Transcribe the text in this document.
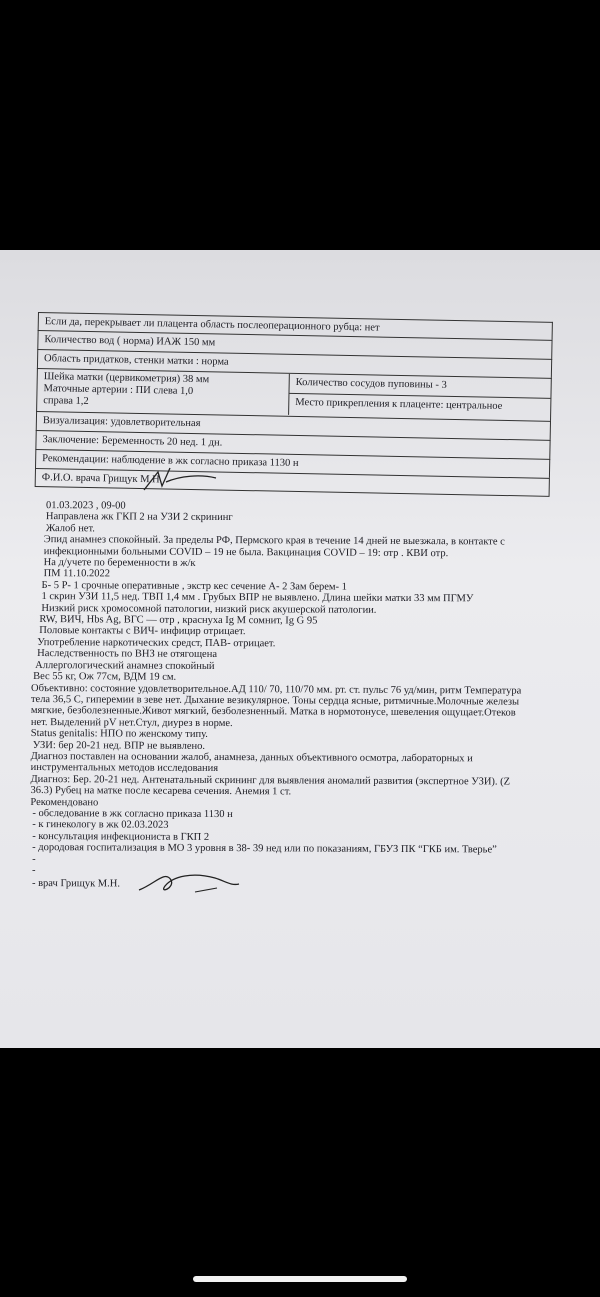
Если да, перекрывает ли плацента область послеоперационного рубца: нет
Количество вод ( норма) ИАЖ 150 мм
Область придатков, стенки матки : норма
Шейка матки (цервикометрия) 38 мм
Маточные артерии : ПИ слева 1,0
справа 1,2
Количество сосудов пуповины - 3
Место прикрепления к плаценте: центральное
Визуализация: удовлетворительная
Заключение: Беременность 20 нед. 1 дн.
Рекомендации: наблюдение в жк согласно приказа 1130 н
Ф.И.О. врача Грищук М.Н.
01.03.2023 , 09-00
Направлена жк ГКП 2 на УЗИ 2 скрининг
Жалоб нет.
Эпид анамнез спокойный. За пределы РФ, Пермского края в течение 14 дней не выезжала, в контакте с
инфекционными больными COVID – 19 не была. Вакцинация COVID – 19: отр . КВИ отр.
На д/учете по беременности в ж/к
ПМ 11.10.2022
Б- 5 Р- 1 срочные оперативные , экстр кес сечение А- 2 Зам берем- 1
1 скрин УЗИ 11,5 нед. ТВП 1,4 мм . Грубых ВПР не выявлено. Длина шейки матки 33 мм ПГМУ
Низкий риск хромосомной патологии, низкий риск акушерской патологии.
RW, ВИЧ, Hbs Ag, ВГС — отр , краснуха Ig M сомнит, Ig G 95
Половые контакты с ВИЧ- инфицир отрицает.
Употребление наркотических средст, ПАВ- отрицает.
Наследственность по ВНЗ не отягощена
Аллергологический анамнез спокойный
Вес 55 кг, Ож 77см, ВДМ 19 см.
Объективно: состояние удовлетворительное.АД 110/ 70, 110/70 мм. рт. ст. пульс 76 уд/мин, ритм Температура
тела 36,5 С, гиперемии в зеве нет. Дыхание везикулярное. Тоны сердца ясные, ритмичные.Молочные железы
мягкие, безболезненные.Живот мягкий, безболезненный. Матка в нормотонусе, шевеления ощущает.Отеков
нет. Выделений pV нет.Стул, диурез в норме.
Status genitalis: НПО по женскому типу.
УЗИ: бер 20-21 нед. ВПР не выявлено.
Диагноз поставлен на основании жалоб, анамнеза, данных объективного осмотра, лабораторных и
инструментальных методов исследования
Диагноз: Бер. 20-21 нед. Антенатальный скрининг для выявления аномалий развития (экспертное УЗИ). (Z
36.3) Рубец на матке после кесарева сечения. Анемия 1 ст.
Рекомендовано
- обследование в жк согласно приказа 1130 н
- к гинекологу в жк 02.03.2023
- консультация инфекциониста в ГКП 2
- дородовая госпитализация в МО 3 уровня в 38- 39 нед или по показаниям, ГБУЗ ПК “ГКБ им. Тверье”
-
-
- врач Грищук М.Н.
